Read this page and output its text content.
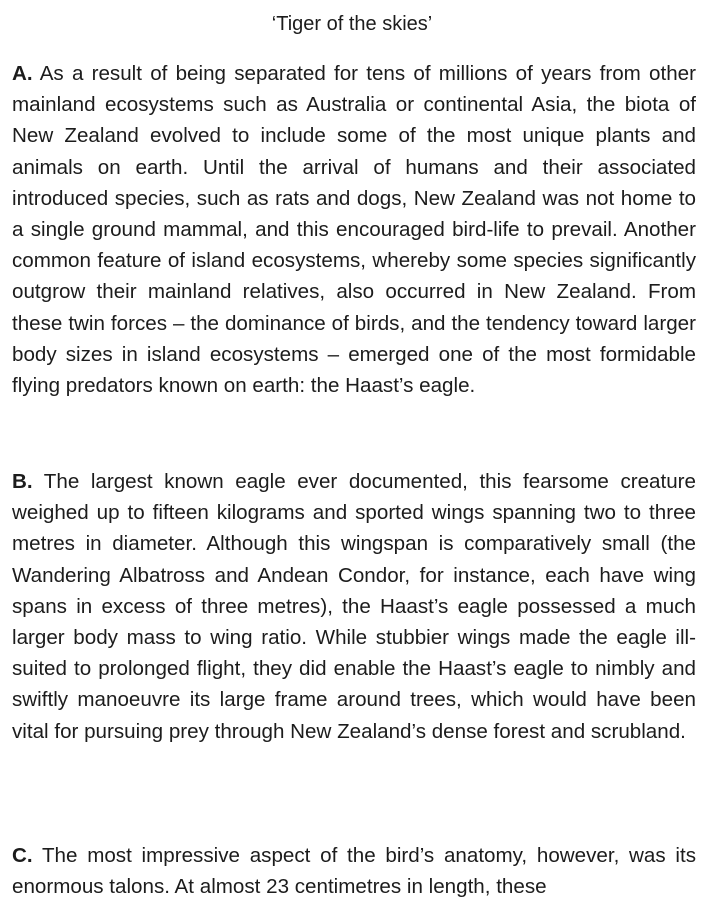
‘Tiger of the skies’

A. As a result of being separated for tens of millions of years from other mainland ecosystems such as Australia or continental Asia, the biota of New Zealand evolved to include some of the most unique plants and animals on earth. Until the arrival of humans and their associated introduced species, such as rats and dogs, New Zealand was not home to a single ground mammal, and this encouraged bird-life to prevail. Another common feature of island ecosystems, whereby some species significantly outgrow their mainland relatives, also occurred in New Zealand. From these twin forces – the dominance of birds, and the tendency toward larger body sizes in island ecosystems – emerged one of the most formidable flying predators known on earth: the Haast’s eagle.

B. The largest known eagle ever documented, this fearsome creature weighed up to fifteen kilograms and sported wings spanning two to three metres in diameter. Although this wingspan is comparatively small (the Wandering Albatross and Andean Condor, for instance, each have wing spans in excess of three metres), the Haast’s eagle possessed a much larger body mass to wing ratio. While stubbier wings made the eagle ill-suited to prolonged flight, they did enable the Haast’s eagle to nimbly and swiftly manoeuvre its large frame around trees, which would have been vital for pursuing prey through New Zealand’s dense forest and scrubland.

C. The most impressive aspect of the bird’s anatomy, however, was its enormous talons. At almost 23 centimetres in length, these
